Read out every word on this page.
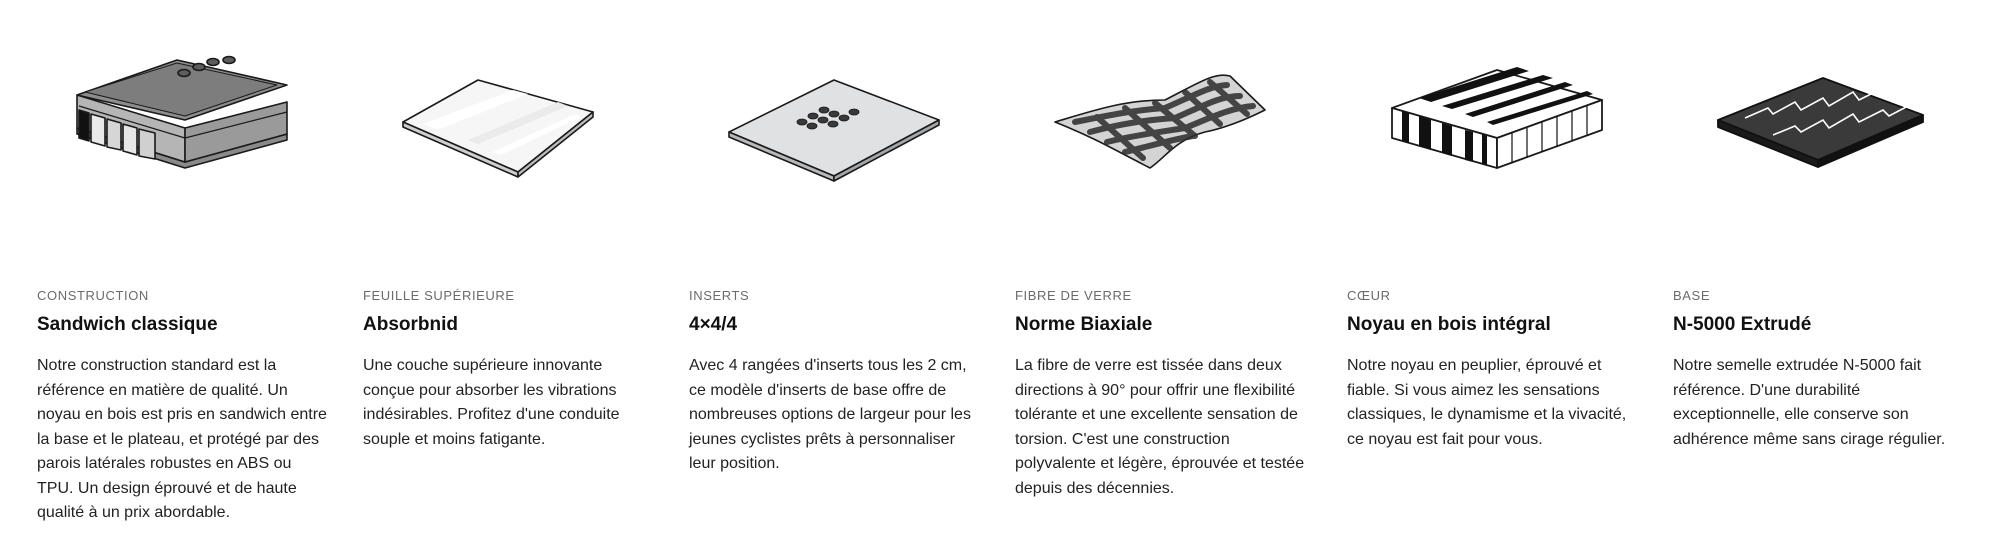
CONSTRUCTION
Sandwich classique

Notre construction standard est la référence en matière de qualité. Un noyau en bois est pris en sandwich entre la base et le plateau, et protégé par des parois latérales robustes en ABS ou TPU. Un design éprouvé et de haute qualité à un prix abordable.

FEUILLE SUPÉRIEURE
Absorbnid

Une couche supérieure innovante conçue pour absorber les vibrations indésirables. Profitez d'une conduite souple et moins fatigante.

INSERTS
4×4/4

Avec 4 rangées d'inserts tous les 2 cm, ce modèle d'inserts de base offre de nombreuses options de largeur pour les jeunes cyclistes prêts à personnaliser leur position.

FIBRE DE VERRE
Norme Biaxiale

La fibre de verre est tissée dans deux directions à 90° pour offrir une flexibilité tolérante et une excellente sensation de torsion. C'est une construction polyvalente et légère, éprouvée et testée depuis des décennies.

CŒUR
Noyau en bois intégral

Notre noyau en peuplier, éprouvé et fiable. Si vous aimez les sensations classiques, le dynamisme et la vivacité, ce noyau est fait pour vous.

BASE
N-5000 Extrudé

Notre semelle extrudée N-5000 fait référence. D'une durabilité exceptionnelle, elle conserve son adhérence même sans cirage régulier.
